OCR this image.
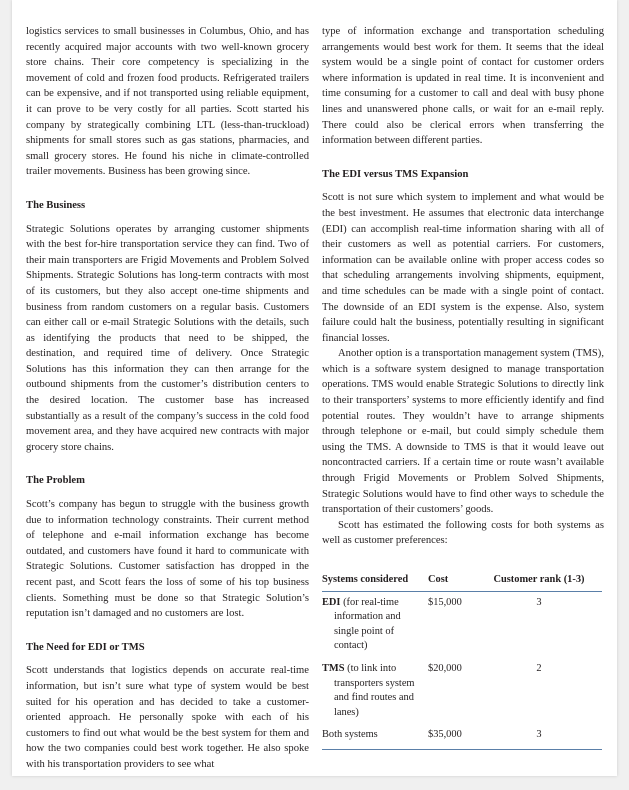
logistics services to small businesses in Columbus, Ohio, and has recently acquired major accounts with two well-known grocery store chains. Their core competency is specializing in the movement of cold and frozen food products. Refrigerated trailers can be expensive, and if not transported using reliable equipment, it can prove to be very costly for all parties. Scott started his company by strategically combining LTL (less-than-truckload) shipments for small stores such as gas stations, pharmacies, and small grocery stores. He found his niche in climate-controlled trailer movements. Business has been growing since.

The Business

Strategic Solutions operates by arranging customer shipments with the best for-hire transportation service they can find. Two of their main transporters are Frigid Movements and Problem Solved Shipments. Strategic Solutions has long-term contracts with most of its customers, but they also accept one-time shipments and business from random customers on a regular basis. Customers can either call or e-mail Strategic Solutions with the details, such as identifying the products that need to be shipped, the destination, and required time of delivery. Once Strategic Solutions has this information they can then arrange for the outbound shipments from the customer’s distribution centers to the desired location. The customer base has increased substantially as a result of the company’s success in the cold food movement area, and they have acquired new contracts with major grocery store chains.

The Problem

Scott’s company has begun to struggle with the business growth due to information technology constraints. Their current method of telephone and e-mail information exchange has become outdated, and customers have found it hard to communicate with Strategic Solutions. Customer satisfaction has dropped in the recent past, and Scott fears the loss of some of his top business clients. Something must be done so that Strategic Solution’s reputation isn’t damaged and no customers are lost.

The Need for EDI or TMS

Scott understands that logistics depends on accurate real-time information, but isn’t sure what type of system would be best suited for his operation and has decided to take a customer-oriented approach. He personally spoke with each of his customers to find out what would be the best system for them and how the two companies could best work together. He also spoke with his transportation providers to see what

type of information exchange and transportation scheduling arrangements would best work for them. It seems that the ideal system would be a single point of contact for customer orders where information is updated in real time. It is inconvenient and time consuming for a customer to call and deal with busy phone lines and unanswered phone calls, or wait for an e-mail reply. There could also be clerical errors when transferring the information between different parties.

The EDI versus TMS Expansion

Scott is not sure which system to implement and what would be the best investment. He assumes that electronic data interchange (EDI) can accomplish real-time information sharing with all of their customers as well as potential carriers. For customers, information can be available online with proper access codes so that scheduling arrangements involving shipments, equipment, and time schedules can be made with a single point of contact. The downside of an EDI system is the expense. Also, system failure could halt the business, potentially resulting in significant financial losses.

Another option is a transportation management system (TMS), which is a software system designed to manage transportation operations. TMS would enable Strategic Solutions to directly link to their transporters’ systems to more efficiently identify and find potential routes. They wouldn’t have to arrange shipments through telephone or e-mail, but could simply schedule them using the TMS. A downside to TMS is that it would leave out noncontracted carriers. If a certain time or route wasn’t available through Frigid Movements or Problem Solved Shipments, Strategic Solutions would have to find other ways to schedule the transportation of their customers’ goods.

Scott has estimated the following costs for both systems as well as customer preferences:

Systems considered	Cost	Customer rank (1-3)

EDI (for real-time information and single point of contact)	$15,000	3

TMS (to link into transporters system and find routes and lanes)	$20,000	2

Both systems	$35,000	3
